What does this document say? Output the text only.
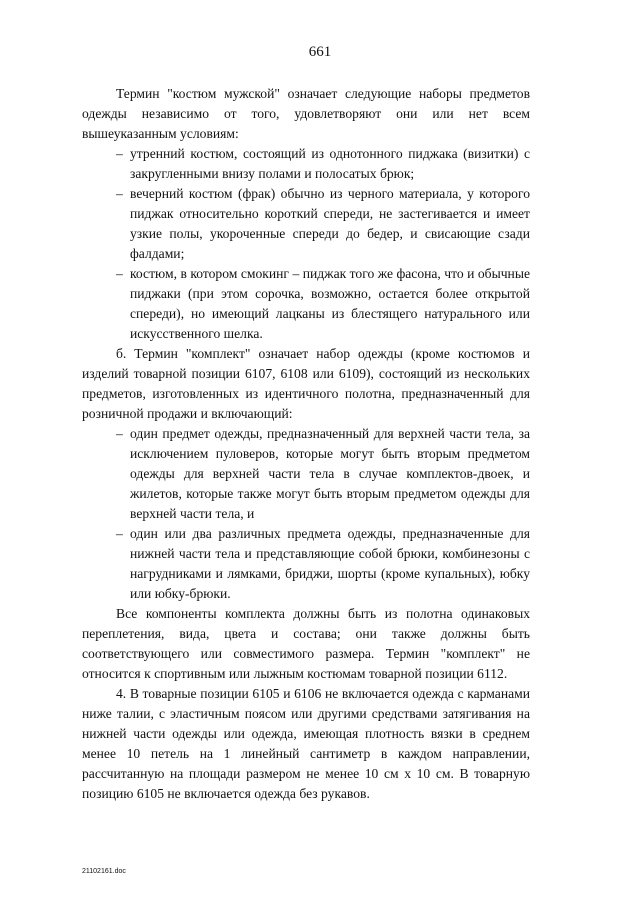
661

Термин "костюм мужской" означает следующие наборы предметов одежды независимо от того, удовлетворяют они или нет всем вышеуказанным условиям:

– утренний костюм, состоящий из однотонного пиджака (визитки) с закругленными внизу полами и полосатых брюк;
– вечерний костюм (фрак) обычно из черного материала, у которого пиджак относительно короткий спереди, не застегивается и имеет узкие полы, укороченные спереди до бедер, и свисающие сзади фалдами;
– костюм, в котором смокинг – пиджак того же фасона, что и обычные пиджаки (при этом сорочка, возможно, остается более открытой спереди), но имеющий лацканы из блестящего натурального или искусственного шелка.

б. Термин "комплект" означает набор одежды (кроме костюмов и изделий товарной позиции 6107, 6108 или 6109), состоящий из нескольких предметов, изготовленных из идентичного полотна, предназначенный для розничной продажи и включающий:

– один предмет одежды, предназначенный для верхней части тела, за исключением пуловеров, которые могут быть вторым предметом одежды для верхней части тела в случае комплектов-двоек, и жилетов, которые также могут быть вторым предметом одежды для верхней части тела, и
– один или два различных предмета одежды, предназначенные для нижней части тела и представляющие собой брюки, комбинезоны с нагрудниками и лямками, бриджи, шорты (кроме купальных), юбку или юбку-брюки.

Все компоненты комплекта должны быть из полотна одинаковых переплетения, вида, цвета и состава; они также должны быть соответствующего или совместимого размера. Термин "комплект" не относится к спортивным или лыжным костюмам товарной позиции 6112.

4. В товарные позиции 6105 и 6106 не включается одежда с карманами ниже талии, с эластичным поясом или другими средствами затягивания на нижней части одежды или одежда, имеющая плотность вязки в среднем менее 10 петель на 1 линейный сантиметр в каждом направлении, рассчитанную на площади размером не менее 10 см х 10 см. В товарную позицию 6105 не включается одежда без рукавов.

21102161.doc
